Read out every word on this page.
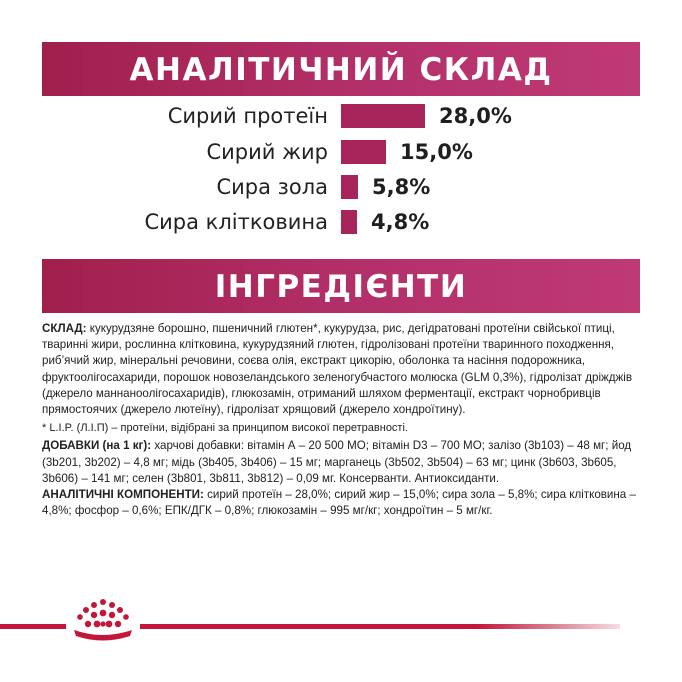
АНАЛІТИЧНИЙ СКЛАД
Сирий протеїн	28,0%
Сирий жир	15,0%
Сира зола 5,8%
Сира клітковина 4,8%
ІНГРЕДІЄНТИ

СКЛАД: кукурудзяне борошно, пшеничний глютен*, кукурудза, рис, дегідратовані протеїни свійської птиці, тваринні жири, рослинна клітковина, кукурудзяний глютен, гідролізовані протеїни тваринного походження, риб’ячий жир, мінеральні речовини, соєва олія, екстракт цикорію, оболонка та насіння подорожника, фруктоолігосахариди, порошок новозеландського зеленогубчастого молюска (GLM 0,3%), гідролізат дріжджів (джерело маннаноолігосахаридів), глюкозамін, отриманий шляхом ферментації, екстракт чорнобривців прямостоячих (джерело лютеїну), гідролізат хрящовий (джерело хондроїтину).

* L.I.P. (Л.І.П) – протеїни, відібрані за принципом високої перетравності.

ДОБАВКИ (на 1 кг): харчові добавки: вітамін А – 20 500 МО; вітамін D3 – 700 МО; залізо (3b103) – 48 мг; йод (3b201, 3b202) – 4,8 мг; мідь (3b405, 3b406) – 15 мг; марганець (3b502, 3b504) – 63 мг; цинк (3b603, 3b605, 3b606) – 141 мг; селен (3b801, 3b811, 3b812) – 0,09 мг. Консерванти. Антиоксиданти.

АНАЛІТИЧНІ КОМПОНЕНТИ: сирий протеїн – 28,0%; сирий жир – 15,0%; сира зола – 5,8%; сира клітковина – 4,8%; фосфор – 0,6%; ЕПК/ДГК – 0,8%; глюкозамін – 995 мг/кг; хондроїтин – 5 мг/кг.
